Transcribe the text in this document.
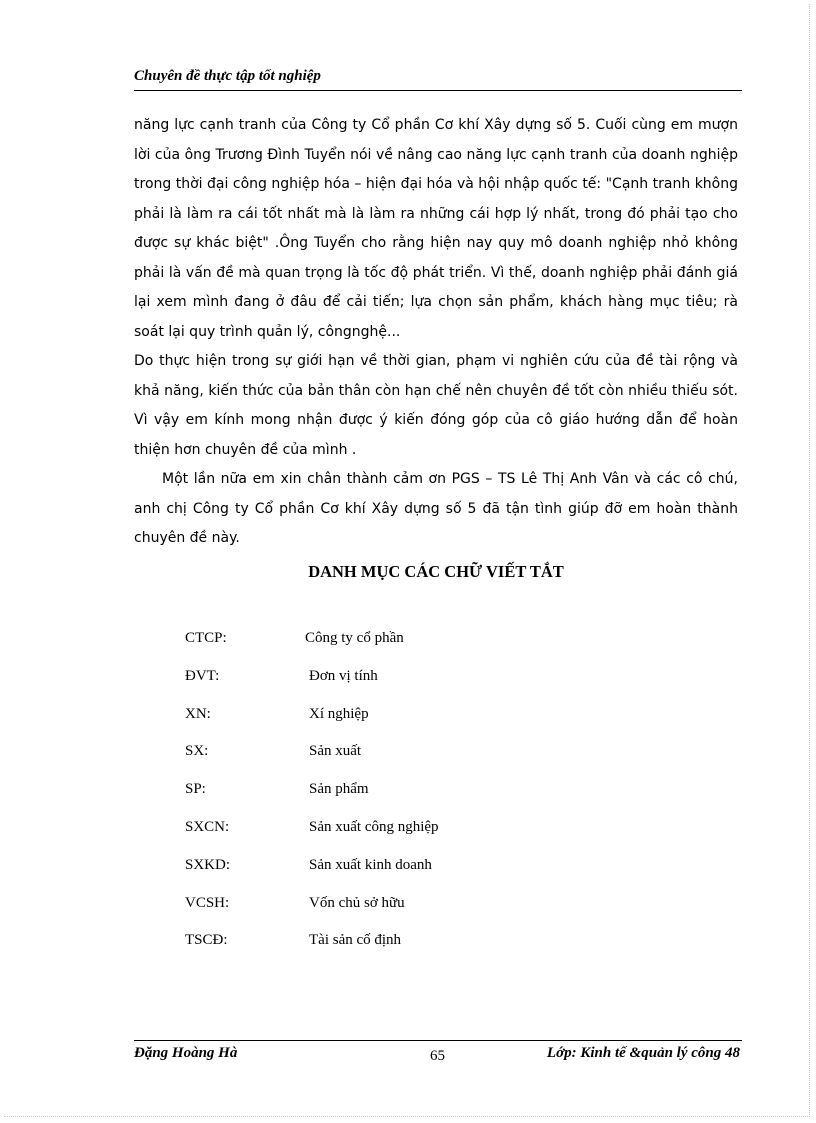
Chuyên đề thực tập tốt nghiệp

năng lực cạnh tranh của Công ty Cổ phần Cơ khí Xây dựng số 5. Cuối cùng em mượn lời của ông Trương Đình Tuyển nói về nâng cao năng lực cạnh tranh của doanh nghiệp trong thời đại công nghiệp hóa – hiện đại hóa và hội nhập quốc tế: "Cạnh tranh không phải là làm ra cái tốt nhất mà là làm ra những cái hợp lý nhất, trong đó phải tạo cho được sự khác biệt" .Ông Tuyển cho rằng hiện nay quy mô doanh nghiệp nhỏ không phải là vấn đề mà quan trọng là tốc độ phát triển. Vì thế, doanh nghiệp phải đánh giá lại xem mình đang ở đâu để cải tiến; lựa chọn sản phẩm, khách hàng mục tiêu; rà soát lại quy trình quản lý, côngnghệ...

Do thực hiện trong sự giới hạn về thời gian, phạm vi nghiên cứu của đề tài rộng và khả năng, kiến thức của bản thân còn hạn chế nên chuyên đề tốt còn nhiều thiếu sót. Vì vậy em kính mong nhận được ý kiến đóng góp của cô giáo hướng dẫn để hoàn thiện hơn chuyên đề của mình .

Một lần nữa em xin chân thành cảm ơn PGS – TS Lê Thị Anh Vân và các cô chú, anh chị Công ty Cổ phần Cơ khí Xây dựng số 5 đã tận tình giúp đỡ em hoàn thành chuyên đề này.

DANH MỤC CÁC CHỮ VIẾT TẮT
CTCP:	Công ty cổ phần
ĐVT:	Đơn vị tính
XN:	Xí nghiệp
SX:	Sản xuất
SP:	Sản phẩm
SXCN:	Sản xuất công nghiệp
SXKD:	Sản xuất kinh doanh
VCSH:	Vốn chủ sở hữu
TSCĐ:	Tài sản cố định
Đặng Hoàng Hà	65	Lớp: Kinh tế &quản lý công 48
